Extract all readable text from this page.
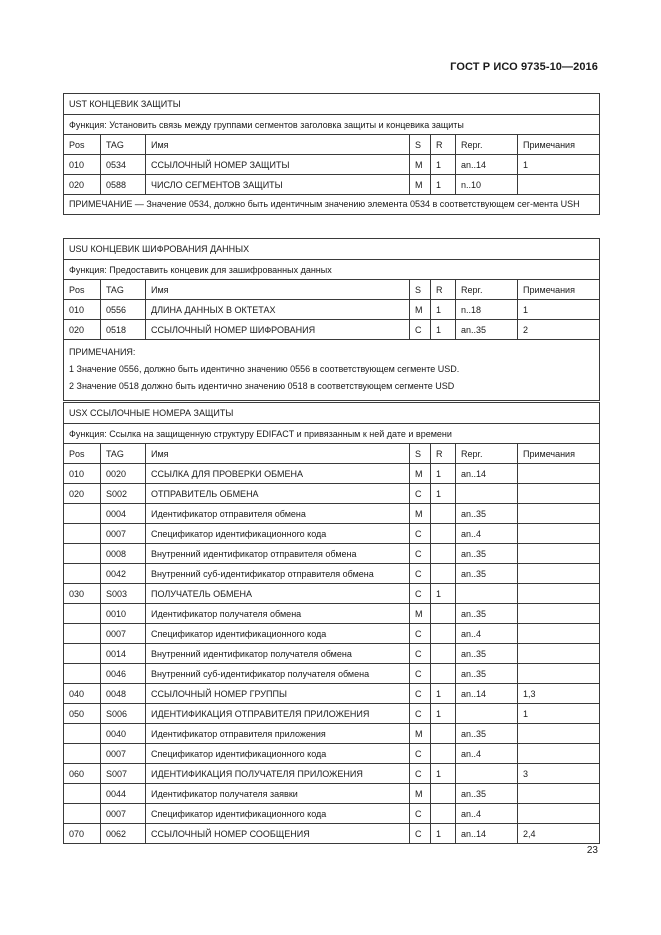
ГОСТ Р ИСО 9735-10—2016
UST КОНЦЕВИК ЗАЩИТЫ						
Функция: Установить связь между группами сегментов заголовка защиты и концевика защиты						
Pos	TAG	Имя	S	R	Repr.	Примечания
010	0534	ССЫЛОЧНЫЙ НОМЕР ЗАЩИТЫ	M	1	an..14	1
020	0588	ЧИСЛО СЕГМЕНТОВ ЗАЩИТЫ	M	1	n..10	
ПРИМЕЧАНИЕ — Значение 0534, должно быть идентичным значению элемента 0534 в соответствующем сег-мента USH						
USU КОНЦЕВИК ШИФРОВАНИЯ ДАННЫХ						
Функция: Предоставить концевик для зашифрованных данных						
Pos	TAG	Имя	S	R	Repr.	Примечания
010	0556	ДЛИНА ДАННЫХ В ОКТЕТАХ	M	1	n..18	1
020	0518	ССЫЛОЧНЫЙ НОМЕР ШИФРОВАНИЯ	C	1	an..35	2

ПРИМЕЧАНИЯ:
1 Значение 0556, должно быть идентично значению 0556 в соответствующем сегменте USD.
2 Значение 0518 должно быть идентично значению 0518 в соответствующем сегменте USD						
USX ССЫЛОЧНЫЕ НОМЕРА ЗАЩИТЫ						
Функция: Ссылка на защищенную структуру EDIFACT и привязанным к ней дате и времени						
Pos	TAG	Имя	S	R	Repr.	Примечания
010	0020	ССЫЛКА ДЛЯ ПРОВЕРКИ ОБМЕНА	M	1	an..14	
020	S002	ОТПРАВИТЕЛЬ ОБМЕНА	C	1		
	0004	Идентификатор отправителя обмена	M		an..35	
	0007	Спецификатор идентификационного кода	C		an..4	
	0008	Внутренний идентификатор отправителя обмена	C		an..35	
	0042	Внутренний суб-идентификатор отправителя обмена	C		an..35	
030	S003	ПОЛУЧАТЕЛЬ ОБМЕНА	C	1		
	0010	Идентификатор получателя обмена	M		an..35	
	0007	Спецификатор идентификационного кода	C		an..4	
	0014	Внутренний идентификатор получателя обмена	C		an..35	
	0046	Внутренний суб-идентификатор получателя обмена	C		an..35	
040	0048	ССЫЛОЧНЫЙ НОМЕР ГРУППЫ	C	1	an..14	1,3
050	S006	ИДЕНТИФИКАЦИЯ ОТПРАВИТЕЛЯ ПРИЛОЖЕНИЯ	C	1		1
	0040	Идентификатор отправителя приложения	M		an..35	
	0007	Спецификатор идентификационного кода	C		an..4	
060	S007	ИДЕНТИФИКАЦИЯ ПОЛУЧАТЕЛЯ ПРИЛОЖЕНИЯ	C	1		3
	0044	Идентификатор получателя заявки	M		an..35	
	0007	Спецификатор идентификационного кода	C		an..4	
070	0062	ССЫЛОЧНЫЙ НОМЕР СООБЩЕНИЯ	C	1	an..14	2,4
23
